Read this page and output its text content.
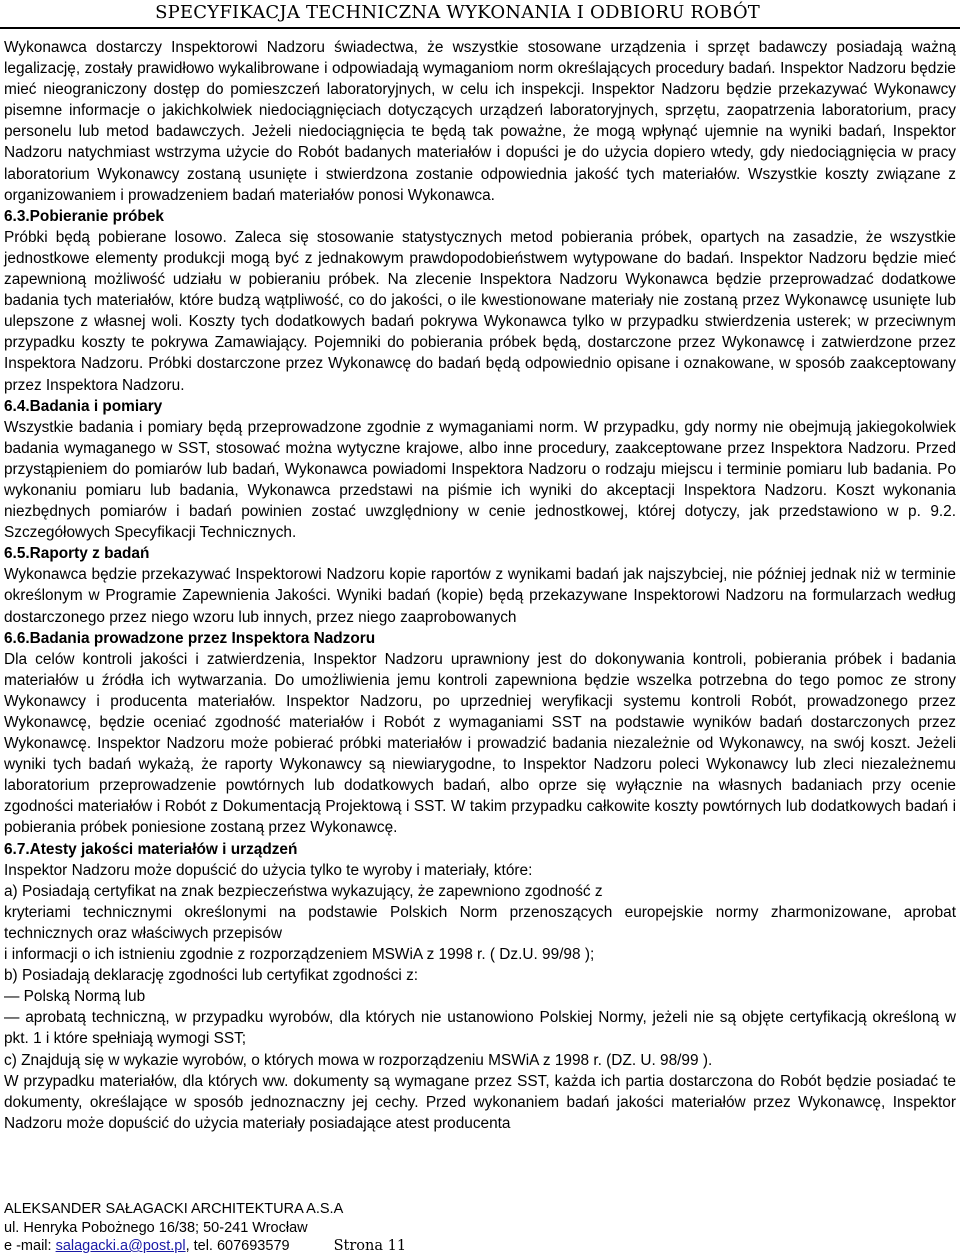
SPECYFIKACJA TECHNICZNA WYKONANIA I ODBIORU ROBÓT

Wykonawca dostarczy Inspektorowi Nadzoru świadectwa, że wszystkie stosowane urządzenia i sprzęt badawczy posiadają ważną legalizację, zostały prawidłowo wykalibrowane i odpowiadają wymaganiom norm określających procedury badań. Inspektor Nadzoru będzie mieć nieograniczony dostęp do pomieszczeń laboratoryjnych, w celu ich inspekcji. Inspektor Nadzoru będzie przekazywać Wykonawcy pisemne informacje o jakichkolwiek niedociągnięciach dotyczących urządzeń laboratoryjnych, sprzętu, zaopatrzenia laboratorium, pracy personelu lub metod badawczych. Jeżeli niedociągnięcia te będą tak poważne, że mogą wpłynąć ujemnie na wyniki badań, Inspektor Nadzoru natychmiast wstrzyma użycie do Robót badanych materiałów i dopuści je do użycia dopiero wtedy, gdy niedociągnięcia w pracy laboratorium Wykonawcy zostaną usunięte i stwierdzona zostanie odpowiednia jakość tych materiałów. Wszystkie koszty związane z organizowaniem i prowadzeniem badań materiałów ponosi Wykonawca.

6.3.Pobieranie próbek

Próbki będą pobierane losowo. Zaleca się stosowanie statystycznych metod pobierania próbek, opartych na zasadzie, że wszystkie jednostkowe elementy produkcji mogą być z jednakowym prawdopodobieństwem wytypowane do badań. Inspektor Nadzoru będzie mieć zapewnioną możliwość udziału w pobieraniu próbek. Na zlecenie Inspektora Nadzoru Wykonawca będzie przeprowadzać dodatkowe badania tych materiałów, które budzą wątpliwość, co do jakości, o ile kwestionowane materiały nie zostaną przez Wykonawcę usunięte lub ulepszone z własnej woli. Koszty tych dodatkowych badań pokrywa Wykonawca tylko w przypadku stwierdzenia usterek; w przeciwnym przypadku koszty te pokrywa Zamawiający. Pojemniki do pobierania próbek będą, dostarczone przez Wykonawcę i zatwierdzone przez Inspektora Nadzoru. Próbki dostarczone przez Wykonawcę do badań będą odpowiednio opisane i oznakowane, w sposób zaakceptowany przez Inspektora Nadzoru.

6.4.Badania i pomiary

Wszystkie badania i pomiary będą przeprowadzone zgodnie z wymaganiami norm. W przypadku, gdy normy nie obejmują jakiegokolwiek badania wymaganego w SST, stosować można wytyczne krajowe, albo inne procedury, zaakceptowane przez Inspektora Nadzoru. Przed przystąpieniem do pomiarów lub badań, Wykonawca powiadomi Inspektora Nadzoru o rodzaju miejscu i terminie pomiaru lub badania. Po wykonaniu pomiaru lub badania, Wykonawca przedstawi na piśmie ich wyniki do akceptacji Inspektora Nadzoru. Koszt wykonania niezbędnych pomiarów i badań powinien zostać uwzględniony w cenie jednostkowej, której dotyczy, jak przedstawiono w p. 9.2. Szczegółowych Specyfikacji Technicznych.

6.5.Raporty z badań

Wykonawca będzie przekazywać Inspektorowi Nadzoru kopie raportów z wynikami badań jak najszybciej, nie później jednak niż w terminie określonym w Programie Zapewnienia Jakości. Wyniki badań (kopie) będą przekazywane Inspektorowi Nadzoru na formularzach według dostarczonego przez niego wzoru lub innych, przez niego zaaprobowanych

6.6.Badania prowadzone przez Inspektora Nadzoru

Dla celów kontroli jakości i zatwierdzenia, Inspektor Nadzoru uprawniony jest do dokonywania kontroli, pobierania próbek i badania materiałów u źródła ich wytwarzania. Do umożliwienia jemu kontroli zapewniona będzie wszelka potrzebna do tego pomoc ze strony Wykonawcy i producenta materiałów. Inspektor Nadzoru, po uprzedniej weryfikacji systemu kontroli Robót, prowadzonego przez Wykonawcę, będzie oceniać zgodność materiałów i Robót z wymaganiami SST na podstawie wyników badań dostarczonych przez Wykonawcę. Inspektor Nadzoru może pobierać próbki materiałów i prowadzić badania niezależnie od Wykonawcy, na swój koszt. Jeżeli wyniki tych badań wykażą, że raporty Wykonawcy są niewiarygodne, to Inspektor Nadzoru poleci Wykonawcy lub zleci niezależnemu laboratorium przeprowadzenie powtórnych lub dodatkowych badań, albo oprze się wyłącznie na własnych badaniach przy ocenie zgodności materiałów i Robót z Dokumentacją Projektową i SST. W takim przypadku całkowite koszty powtórnych lub dodatkowych badań i pobierania próbek poniesione zostaną przez Wykonawcę.

6.7.Atesty jakości materiałów i urządzeń

Inspektor Nadzoru może dopuścić do użycia tylko te wyroby i materiały, które:

a) Posiadają certyfikat na znak bezpieczeństwa wykazujący, że zapewniono zgodność z

kryteriami technicznymi określonymi na podstawie Polskich Norm przenoszących europejskie normy zharmonizowane, aprobat technicznych oraz właściwych przepisów

i informacji o ich istnieniu zgodnie z rozporządzeniem MSWiA z 1998 r. ( Dz.U. 99/98 );

b) Posiadają deklarację zgodności lub certyfikat zgodności z:

— Polską Normą lub

— aprobatą techniczną, w przypadku wyrobów, dla których nie ustanowiono Polskiej Normy, jeżeli nie są objęte certyfikacją określoną w pkt. 1 i które spełniają wymogi SST;

c) Znajdują się w wykazie wyrobów, o których mowa w rozporządzeniu MSWiA z 1998 r. (DZ. U. 98/99 ).

W przypadku materiałów, dla których ww. dokumenty są wymagane przez SST, każda ich partia dostarczona do Robót będzie posiadać te dokumenty, określające w sposób jednoznaczny jej cechy. Przed wykonaniem badań jakości materiałów przez Wykonawcę, Inspektor Nadzoru może dopuścić do użycia materiały posiadające atest producenta

ALEKSANDER SAŁAGACKI ARCHITEKTURA A.S.A
ul. Henryka Pobożnego 16/38; 50-241 Wrocław
e -mail: salagacki.a@post.pl, tel. 607693579	Strona 11
